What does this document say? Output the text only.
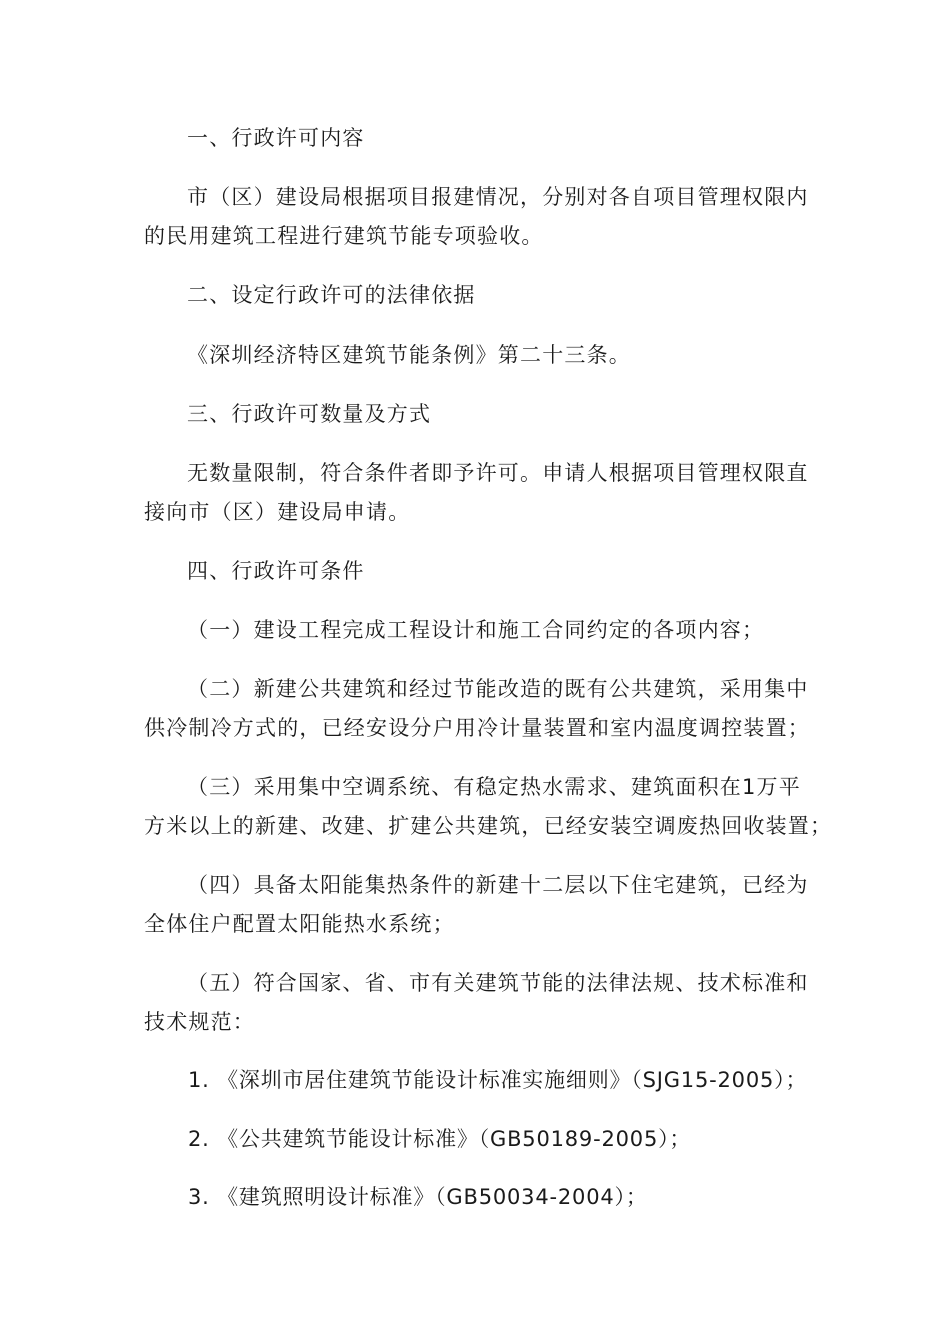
一、行政许可内容
市（区）建设局根据项目报建情况，分别对各自项目管理权限内
的民用建筑工程进行建筑节能专项验收。
二、设定行政许可的法律依据
《深圳经济特区建筑节能条例》第二十三条。
三、行政许可数量及方式
无数量限制，符合条件者即予许可。申请人根据项目管理权限直
接向市（区）建设局申请。
四、行政许可条件
（一）建设工程完成工程设计和施工合同约定的各项内容；
（二）新建公共建筑和经过节能改造的既有公共建筑，采用集中
供冷制冷方式的，已经安设分户用冷计量装置和室内温度调控装置；
（三）采用集中空调系统、有稳定热水需求、建筑面积在1万平
方米以上的新建、改建、扩建公共建筑，已经安装空调废热回收装置；
（四）具备太阳能集热条件的新建十二层以下住宅建筑，已经为
全体住户配置太阳能热水系统；
（五）符合国家、省、市有关建筑节能的法律法规、技术标准和
技术规范：
1. 《深圳市居住建筑节能设计标准实施细则》（SJG15-2005）；
2. 《公共建筑节能设计标准》（GB50189-2005）；
3. 《建筑照明设计标准》（GB50034-2004）；
